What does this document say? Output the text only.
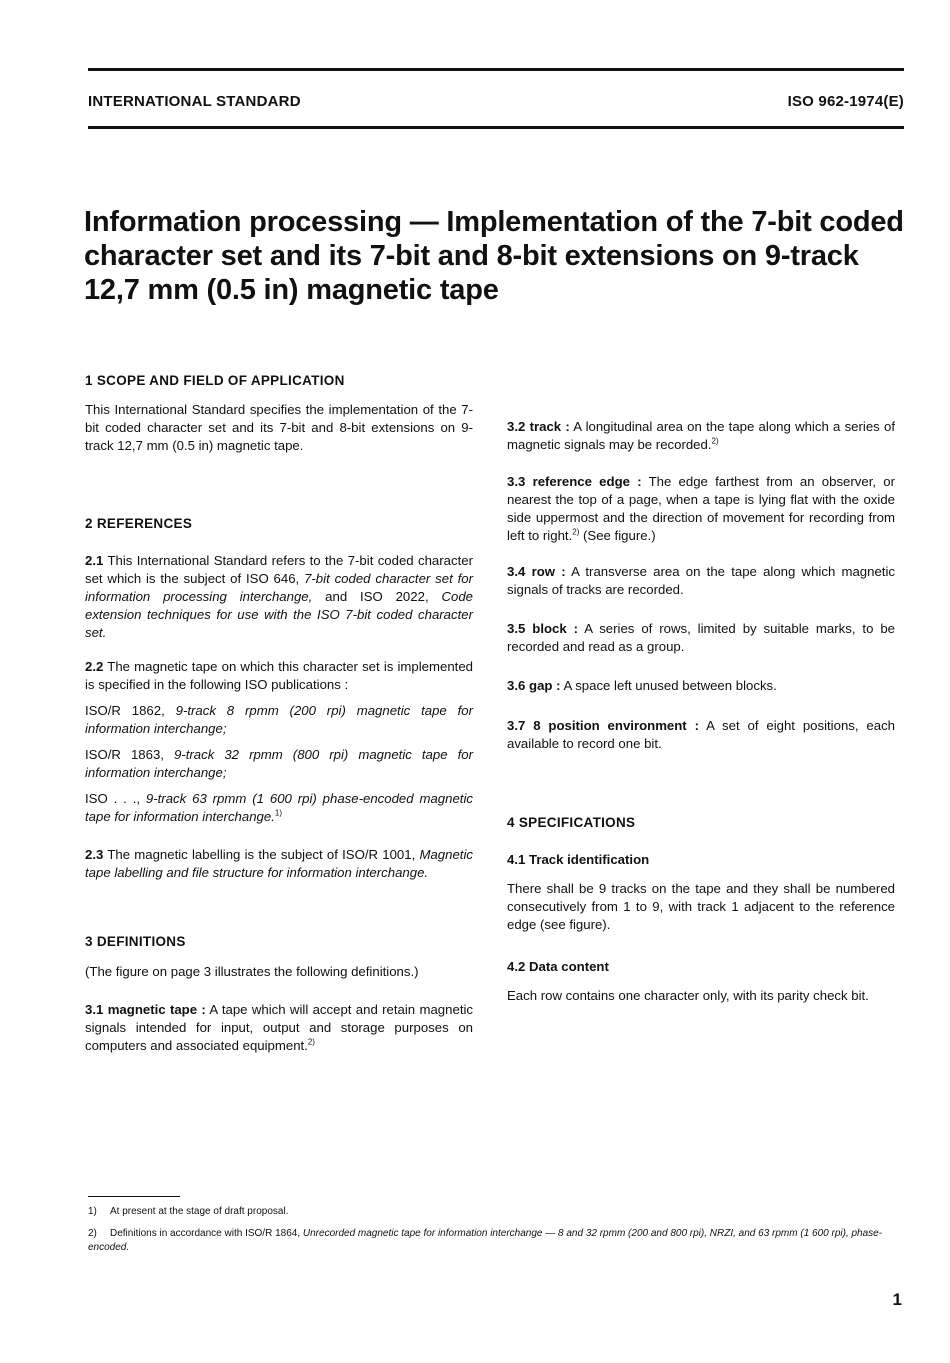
INTERNATIONAL STANDARD	ISO 962-1974(E)
Information processing — Implementation of the 7-bit coded
character set and its 7-bit and 8-bit extensions on 9-track
12,7 mm (0.5 in) magnetic tape

1 SCOPE AND FIELD OF APPLICATION

This International Standard specifies the implementation of the 7-bit coded character set and its 7-bit and 8-bit extensions on 9-track 12,7 mm (0.5 in) magnetic tape.

2 REFERENCES

2.1 This International Standard refers to the 7-bit coded character set which is the subject of ISO 646, 7-bit coded character set for information processing interchange, and ISO 2022, Code extension techniques for use with the ISO 7-bit coded character set.

2.2 The magnetic tape on which this character set is implemented is specified in the following ISO publications :

ISO/R 1862, 9-track 8 rpmm (200 rpi) magnetic tape for information interchange;

ISO/R 1863, 9-track 32 rpmm (800 rpi) magnetic tape for information interchange;

ISO . . ., 9-track 63 rpmm (1 600 rpi) phase-encoded magnetic tape for information interchange.$^{1)}$

2.3 The magnetic labelling is the subject of ISO/R 1001, Magnetic tape labelling and file structure for information interchange.

3 DEFINITIONS

(The figure on page 3 illustrates the following definitions.)

3.1 magnetic tape : A tape which will accept and retain magnetic signals intended for input, output and storage purposes on computers and associated equipment.$^{2)}$

3.2 track : A longitudinal area on the tape along which a series of magnetic signals may be recorded.$^{2)}$

3.3 reference edge : The edge farthest from an observer, or nearest the top of a page, when a tape is lying flat with the oxide side uppermost and the direction of movement for recording from left to right.$^{2)}$ (See figure.)

3.4 row : A transverse area on the tape along which magnetic signals of tracks are recorded.

3.5 block : A series of rows, limited by suitable marks, to be recorded and read as a group.

3.6 gap : A space left unused between blocks.

3.7 8 position environment : A set of eight positions, each available to record one bit.

4 SPECIFICATIONS

4.1 Track identification

There shall be 9 tracks on the tape and they shall be numbered consecutively from 1 to 9, with track 1 adjacent to the reference edge (see figure).

4.2 Data content

Each row contains one character only, with its parity check bit.

1) At present at the stage of draft proposal.

2) Definitions in accordance with ISO/R 1864, Unrecorded magnetic tape for information interchange — 8 and 32 rpmm (200 and 800 rpi), NRZI, and 63 rpmm (1 600 rpi), phase-encoded.

1
